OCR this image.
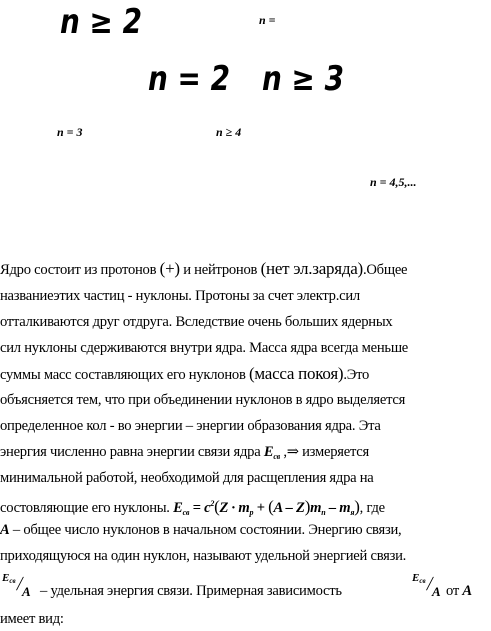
n ≥ 2	n =
n = 2 n ≥ 3
n = 3	n ≥ 4
n = 4,5,...
Ядро состоит из протонов (+) и нейтронов (нет эл.заряда).Общее
названиеэтих частиц - нуклоны. Протоны за счет электр.сил
отталкиваются друг отдруга. Вследствие очень больших ядерных
сил нуклоны сдерживаются внутри ядра. Масса ядра всегда меньше
суммы масс составляющих его нуклонов (масса покоя).Это
объясняется тем, что при объединении нуклонов в ядро выделяется
определенное кол - во энергии – энергии образования ядра. Эта
энергия численно равна энергии связи ядра $E_{св}$ ,⇒ измеряется
минимальной работой, необходимой для расщепления ядра на
состовляющие его нуклоны. $E_{св} = c^2(Z \cdot m_p + (A - Z)m_n - m_я)$, где
A – общее число нуклонов в начальном состоянии. Энергию связи,
приходящуюся на один нуклон, называют удельной энергией связи.
Eсв /
A – удельная энергия связи. Примерная зависимость
Eсв /
A от A
имеет вид:
